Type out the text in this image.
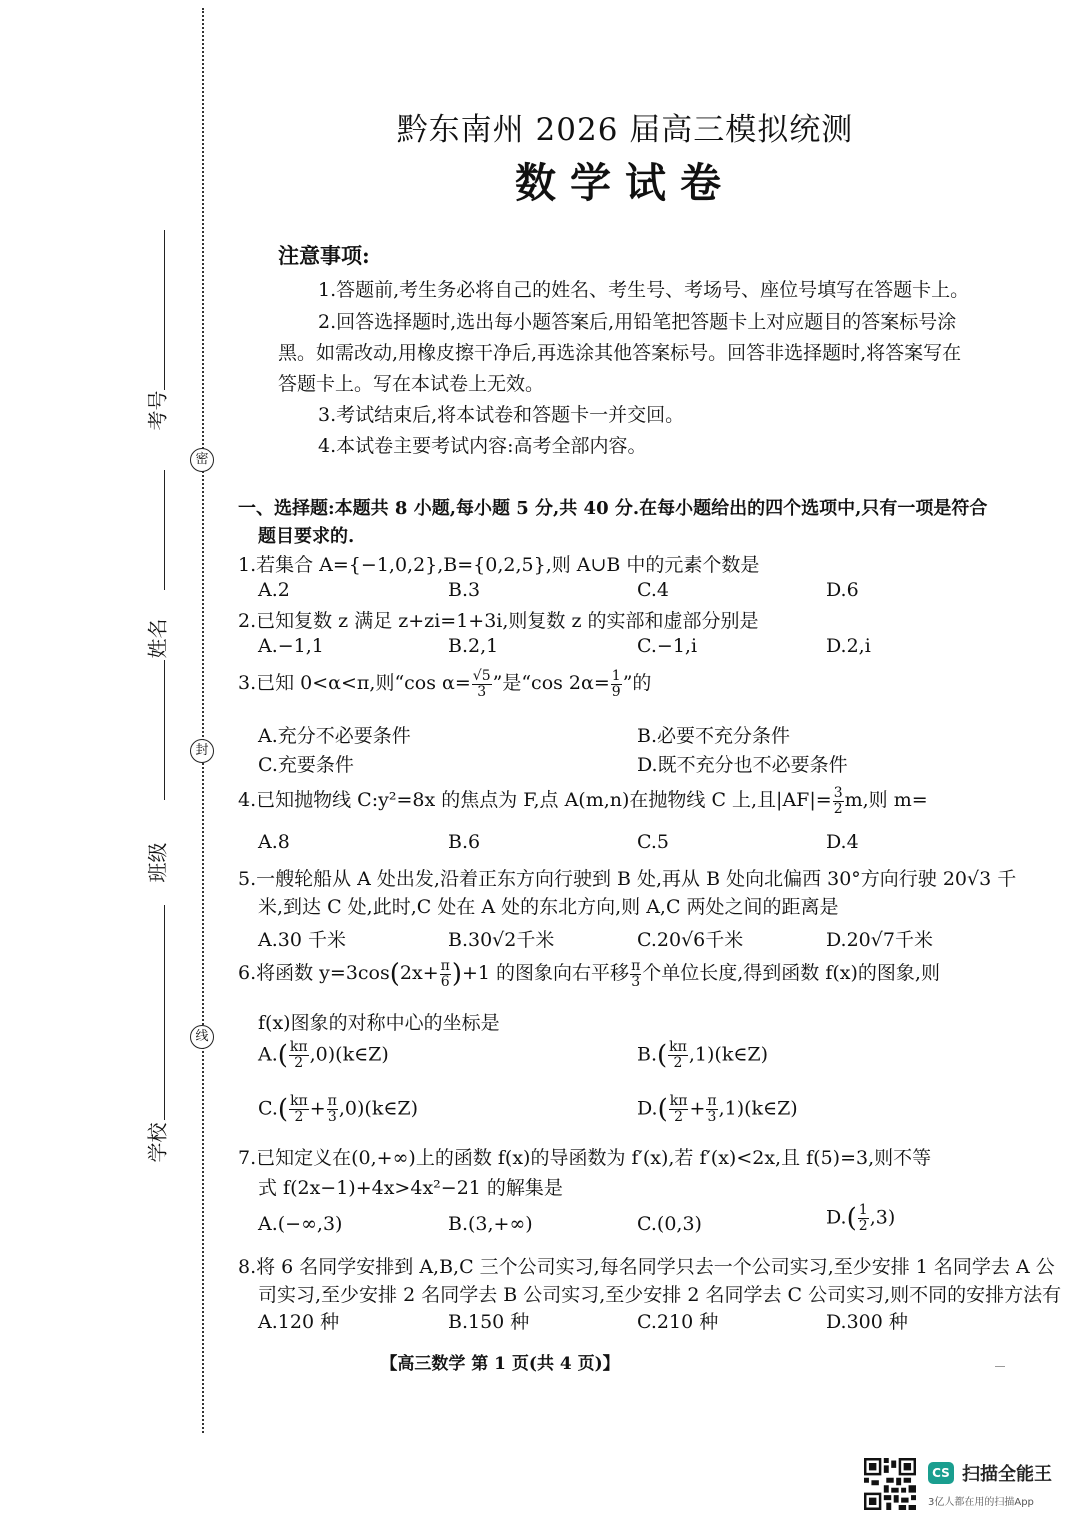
考号
姓名
班级
学校
密
封
线
黔东南州 2026 届高三模拟统测
数学试卷
注意事项:
1.答题前,考生务必将自己的姓名、考生号、考场号、座位号填写在答题卡上。
2.回答选择题时,选出每小题答案后,用铅笔把答题卡上对应题目的答案标号涂
黑。如需改动,用橡皮擦干净后,再选涂其他答案标号。回答非选择题时,将答案写在
答题卡上。写在本试卷上无效。
3.考试结束后,将本试卷和答题卡一并交回。
4.本试卷主要考试内容:高考全部内容。
一、选择题:本题共 8 小题,每小题 5 分,共 40 分.在每小题给出的四个选项中,只有一项是符合
题目要求的.
1.若集合 A={−1,0,2},B={0,2,5},则 A∪B 中的元素个数是
A.2	B.3	C.4	D.6
2.已知复数 z 满足 z+zi=1+3i,则复数 z 的实部和虚部分别是
A.−1,1	B.2,1	C.−1,i	D.2,i
3.已知 0<α<π,则“cos $\alpha= \frac{√5}{3}$ ”是“cos $2\alpha= \frac{1}{9}$ ”的
A.充分不必要条件	B.必要不充分条件
C.充要条件	D.既不充分也不必要条件
4.已知抛物线 C:y²=8x 的焦点为 F,点 A(m,n)在抛物线 C 上,且$|AF|= \frac{3}{2} m$,则 m=
A.8	B.6	C.5	D.4
5.一艘轮船从 A 处出发,沿着正东方向行驶到 B 处,再从 B 处向北偏西 30°方向行驶 20√3 千
米,到达 C 处,此时,C 处在 A 处的东北方向,则 A,C 两处之间的距离是
A.30 千米	B.30√2千米	C.20√6千米	D.20√7千米
6.将函数 $y=3\cos(2x+ \frac{\pi}{6} )+1$ 的图象向右平移 $\frac{\pi}{3}$ 个单位长度,得到函数 f(x)的图象,则
f(x)图象的对称中心的坐标是
$A.( \frac{k\pi}{2}$ ,0)(k∈Z)	$B.( \frac{k\pi}{2}$ ,1)(k∈Z)
$C.( \frac{k\pi}{2} + \frac{\pi}{3}$ ,0)(k∈Z)	$D.( \frac{k\pi}{2} + \frac{\pi}{3}$ ,1)(k∈Z)
7.已知定义在(0,+∞)上的函数 f(x)的导函数为 f′(x),若 f′(x)<2x,且 f(5)=3,则不等
式 f(2x−1)+4x>4x²−21 的解集是
A.(−∞,3)	B.(3,+∞)	C.(0,3)	$D.( \frac{1}{2} ,3)$
8.将 6 名同学安排到 A,B,C 三个公司实习,每名同学只去一个公司实习,至少安排 1 名同学去 A 公
司实习,至少安排 2 名同学去 B 公司实习,至少安排 2 名同学去 C 公司实习,则不同的安排方法有
A.120 种	B.150 种	C.210 种	D.300 种
【高三数学 第 1 页(共 4 页)】
CS 扫描全能王
3亿人都在用的扫描App
